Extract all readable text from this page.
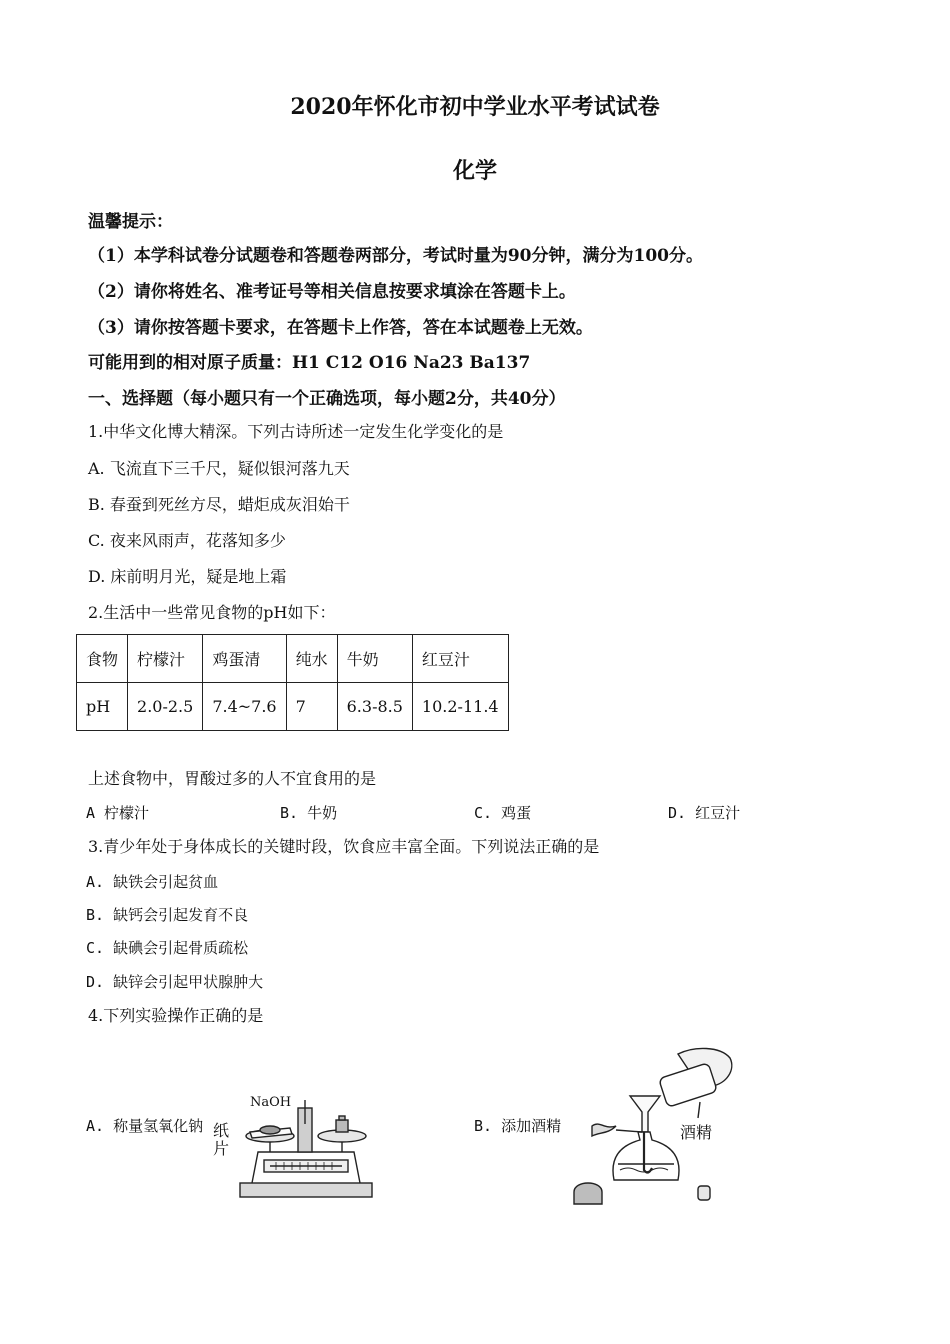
2020年怀化市初中学业水平考试试卷
化学
温馨提示：
（1）本学科试卷分试题卷和答题卷两部分，考试时量为90分钟，满分为100分。
（2）请你将姓名、准考证号等相关信息按要求填涂在答题卡上。
（3）请你按答题卡要求，在答题卡上作答，答在本试题卷上无效。
可能用到的相对原子质量：H1 C12 O16 Na23 Ba137
一、选择题（每小题只有一个正确选项，每小题2分，共40分）
1.中华文化博大精深。下列古诗所述一定发生化学变化的是
A. 飞流直下三千尺，疑似银河落九天
B. 春蚕到死丝方尽，蜡炬成灰泪始干
C. 夜来风雨声，花落知多少
D. 床前明月光，疑是地上霜
2.生活中一些常见食物的pH如下：
食物	柠檬汁	鸡蛋清	纯水	牛奶	红豆汁
pH	2.0-2.5	7.4~7.6	7	6.3-8.5	10.2-11.4
上述食物中，胃酸过多的人不宜食用的是
A 柠檬汁	B. 牛奶	C. 鸡蛋	D. 红豆汁
3.青少年处于身体成长的关键时段，饮食应丰富全面。下列说法正确的是
A. 缺铁会引起贫血
B. 缺钙会引起发育不良
C. 缺碘会引起骨质疏松
D. 缺锌会引起甲状腺肿大
4.下列实验操作正确的是
A. 称量氢氧化钠
NaOH
纸
片
B. 添加酒精	酒精
